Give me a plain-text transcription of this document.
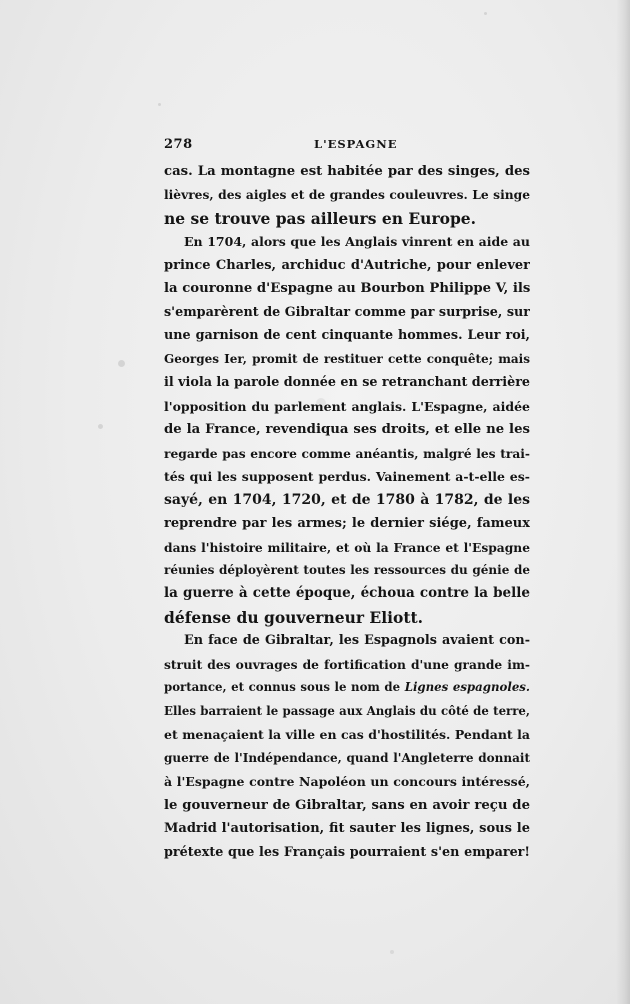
278	L'ESPAGNE
cas. La montagne est habitée par des singes, des
lièvres, des aigles et de grandes couleuvres. Le singe
ne se trouve pas ailleurs en Europe.
En 1704, alors que les Anglais vinrent en aide au
prince Charles, archiduc d'Autriche, pour enlever
la couronne d'Espagne au Bourbon Philippe V, ils
s'emparèrent de Gibraltar comme par surprise, sur
une garnison de cent cinquante hommes. Leur roi,
Georges Ier, promit de restituer cette conquête; mais
il viola la parole donnée en se retranchant derrière
l'opposition du parlement anglais. L'Espagne, aidée
de la France, revendiqua ses droits, et elle ne les
regarde pas encore comme anéantis, malgré les trai-
tés qui les supposent perdus. Vainement a-t-elle es-
sayé, en 1704, 1720, et de 1780 à 1782, de les
reprendre par les armes; le dernier siége, fameux
dans l'histoire militaire, et où la France et l'Espagne
réunies déployèrent toutes les ressources du génie de
la guerre à cette époque, échoua contre la belle
défense du gouverneur Eliott.
En face de Gibraltar, les Espagnols avaient con-
struit des ouvrages de fortification d'une grande im-
portance, et connus sous le nom de Lignes espagnoles.
Elles barraient le passage aux Anglais du côté de terre,
et menaçaient la ville en cas d'hostilités. Pendant la
guerre de l'Indépendance, quand l'Angleterre donnait
à l'Espagne contre Napoléon un concours intéressé,
le gouverneur de Gibraltar, sans en avoir reçu de
Madrid l'autorisation, fit sauter les lignes, sous le
prétexte que les Français pourraient s'en emparer!
